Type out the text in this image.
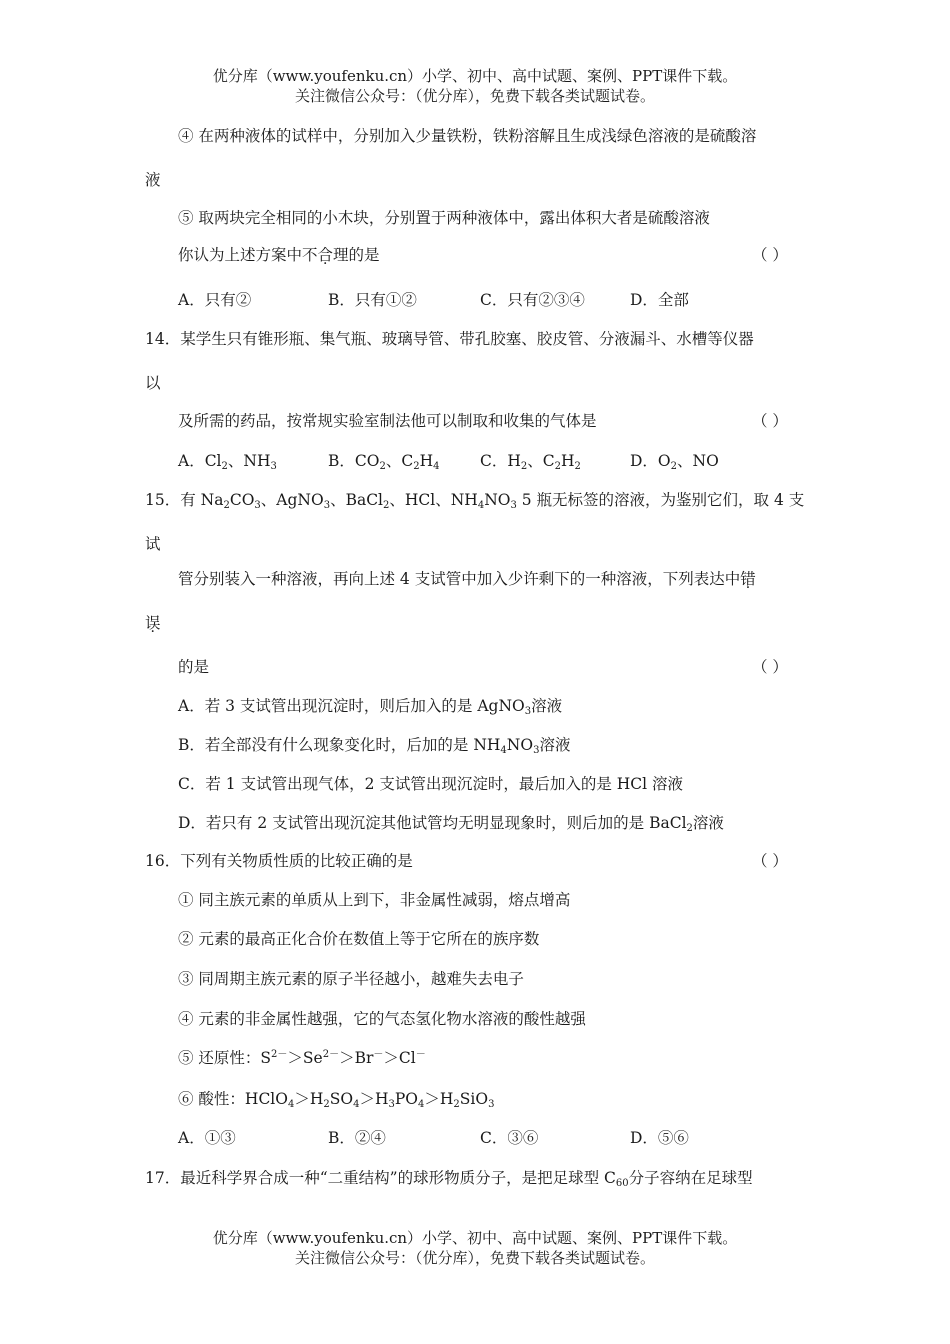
优分库（www.youfenku.cn）小学、初中、高中试题、案例、PPT课件下载。
关注微信公众号：（优分库），免费下载各类试题试卷。
④ 在两种液体的试样中，分别加入少量铁粉，铁粉溶解且生成浅绿色溶液的是硫酸溶
液
⑤ 取两块完全相同的小木块，分别置于两种液体中，露出体积大者是硫酸溶液
你认为上述方案中不合理的是	（ ）
A．只有②	B．只有①②	C．只有②③④	D．全部
14．某学生只有锥形瓶、集气瓶、玻璃导管、带孔胶塞、胶皮管、分液漏斗、水槽等仪器
以
及所需的药品，按常规实验室制法他可以制取和收集的气体是	（ ）
A．$Cl_2$、$NH_3$	B．$CO_2$、$C_2H_4$	C．$H_2$、$C_2H_2$	D．$O_2$、NO
15．有 $Na_2CO_3$、AgNO$_3$、BaCl$_2$、HCl、$NH_4NO_3$ 5 瓶无标签的溶液，为鉴别它们，取 4 支
试
管分别装入一种溶液，再向上述 4 支试管中加入少许剩下的一种溶液，下列表达中错
误
的是	（ ）
A．若 3 支试管出现沉淀时，则后加入的是 AgNO$_3$溶液
B．若全部没有什么现象变化时，后加的是 $NH_4NO_3$溶液
C．若 1 支试管出现气体，2 支试管出现沉淀时，最后加入的是 HCl 溶液
D．若只有 2 支试管出现沉淀其他试管均无明显现象时，则后加的是 BaCl$_2$溶液
16．下列有关物质性质的比较正确的是	（ ）
① 同主族元素的单质从上到下，非金属性减弱，熔点增高
② 元素的最高正化合价在数值上等于它所在的族序数
③ 同周期主族元素的原子半径越小，越难失去电子
④ 元素的非金属性越强，它的气态氢化物水溶液的酸性越强
⑤ 还原性：$S^{2-}>Se^{2-}>Br^->Cl^-$
⑥ 酸性：$HClO_4>H_2SO_4>H_3PO_4>H_2SiO_3$
A．①③	B．②④	C．③⑥	D．⑤⑥
17．最近科学界合成一种“二重结构”的球形物质分子，是把足球型 $C_{60}$分子容纳在足球型
优分库（www.youfenku.cn）小学、初中、高中试题、案例、PPT课件下载。
关注微信公众号：（优分库），免费下载各类试题试卷。
